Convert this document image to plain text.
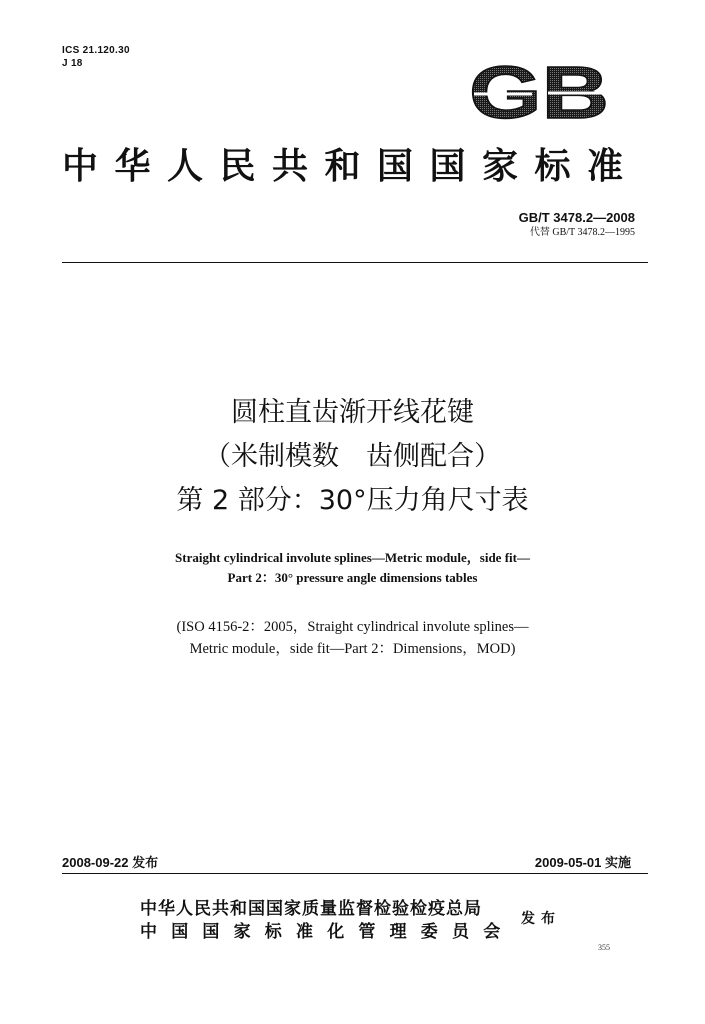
ICS 21.120.30
J 18	GB
中华人民共和国国家标准
GB/T 3478.2—2008
代替 GB/T 3478.2—1995
圆柱直齿渐开线花键
（米制模数　齿侧配合）
第 2 部分：30°压力角尺寸表
Straight cylindrical involute splines—Metric module，side fit—
Part 2：30° pressure angle dimensions tables
(ISO 4156-2：2005，Straight cylindrical involute splines—
Metric module，side fit—Part 2：Dimensions，MOD)
2008-09-22 发布	2009-05-01 实施
中华人民共和国国家质量监督检验检疫总局
中国国家标准化管理委员会
发布
355
